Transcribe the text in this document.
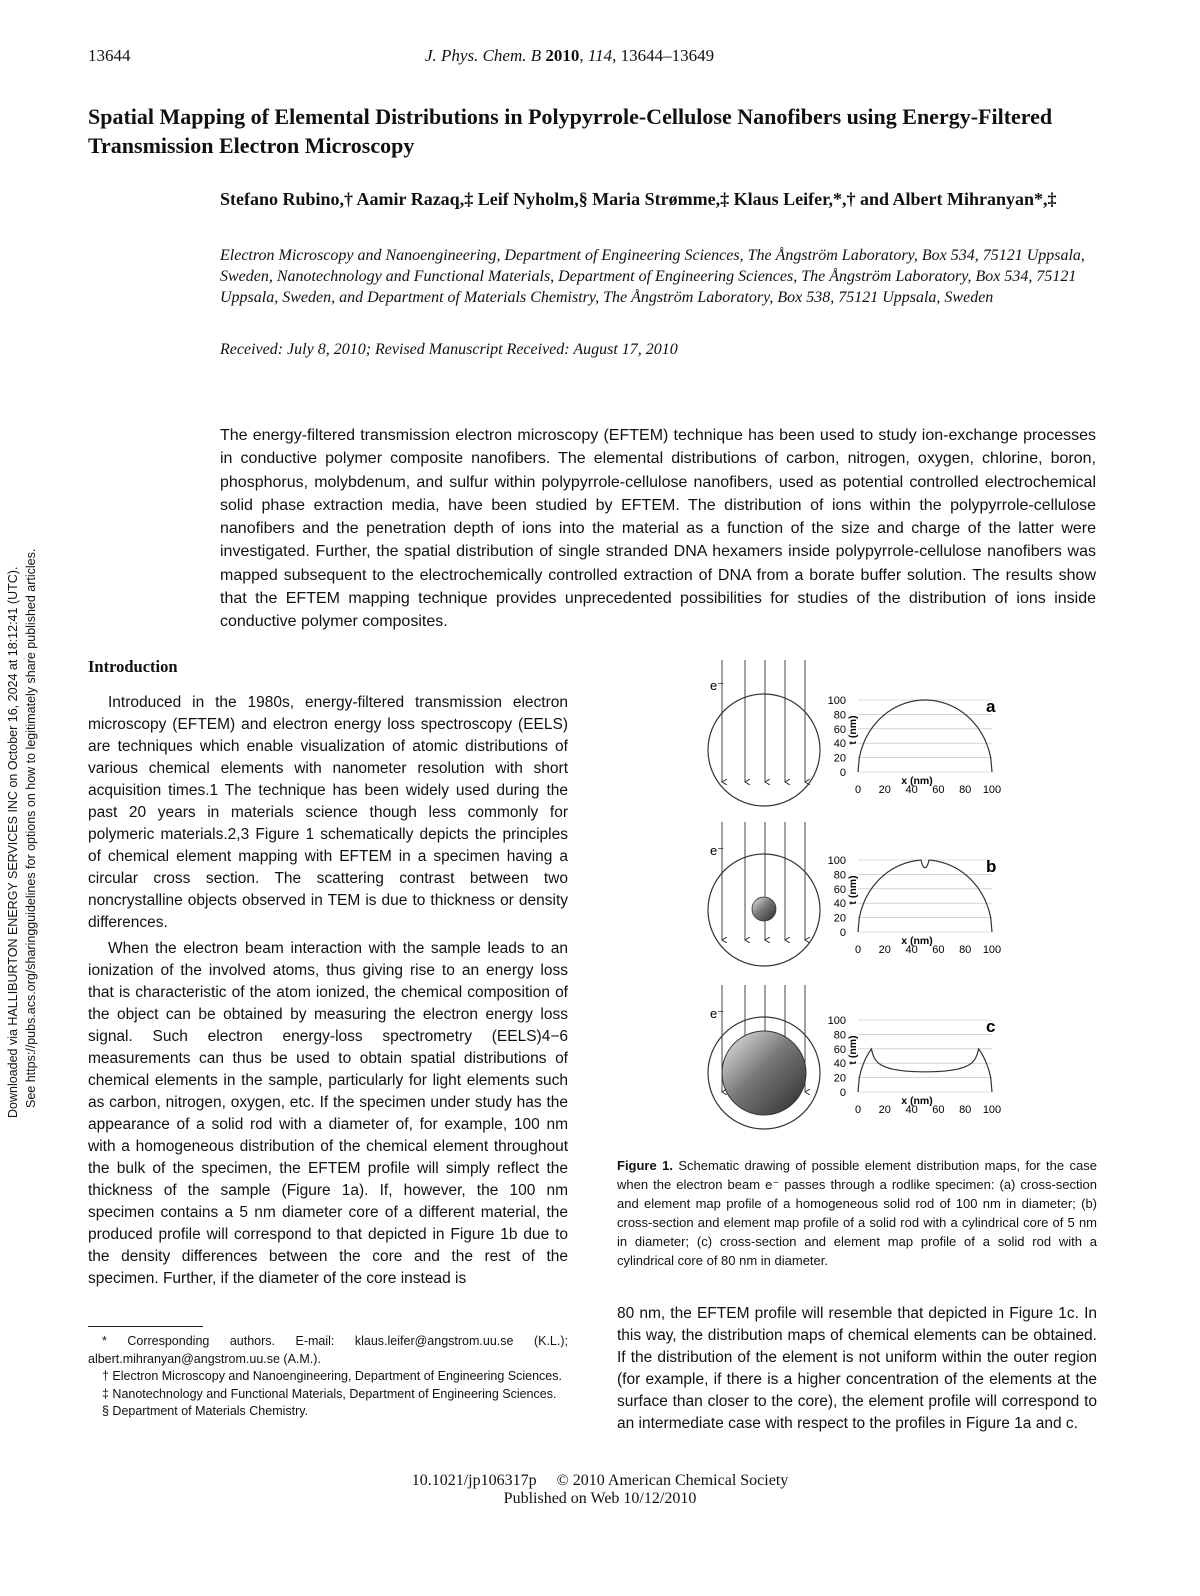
13644	J. Phys. Chem. B 2010, 114, 13644–13649
Spatial Mapping of Elemental Distributions in Polypyrrole-Cellulose Nanofibers using Energy-Filtered Transmission Electron Microscopy
Stefano Rubino,† Aamir Razaq,‡ Leif Nyholm,§ Maria Strømme,‡ Klaus Leifer,*,† and Albert Mihranyan*,‡
Electron Microscopy and Nanoengineering, Department of Engineering Sciences, The Ångström Laboratory, Box 534, 75121 Uppsala, Sweden, Nanotechnology and Functional Materials, Department of Engineering Sciences, The Ångström Laboratory, Box 534, 75121 Uppsala, Sweden, and Department of Materials Chemistry, The Ångström Laboratory, Box 538, 75121 Uppsala, Sweden
Received: July 8, 2010; Revised Manuscript Received: August 17, 2010
The energy-filtered transmission electron microscopy (EFTEM) technique has been used to study ion-exchange processes in conductive polymer composite nanofibers. The elemental distributions of carbon, nitrogen, oxygen, chlorine, boron, phosphorus, molybdenum, and sulfur within polypyrrole-cellulose nanofibers, used as potential controlled electrochemical solid phase extraction media, have been studied by EFTEM. The distribution of ions within the polypyrrole-cellulose nanofibers and the penetration depth of ions into the material as a function of the size and charge of the latter were investigated. Further, the spatial distribution of single stranded DNA hexamers inside polypyrrole-cellulose nanofibers was mapped subsequent to the electrochemically controlled extraction of DNA from a borate buffer solution. The results show that the EFTEM mapping technique provides unprecedented possibilities for studies of the distribution of ions inside conductive polymer composites.
Downloaded via HALLIBURTON ENERGY SERVICES INC on October 16, 2024 at 18:12:41 (UTC). See https://pubs.acs.org/sharingguidelines for options on how to legitimately share published articles.	Introduction

Introduced in the 1980s, energy-filtered transmission electron microscopy (EFTEM) and electron energy loss spectroscopy (EELS) are techniques which enable visualization of atomic distributions of various chemical elements with nanometer resolution with short acquisition times.1 The technique has been widely used during the past 20 years in materials science though less commonly for polymeric materials.2,3 Figure 1 schematically depicts the principles of chemical element mapping with EFTEM in a specimen having a circular cross section. The scattering contrast between two noncrystalline objects observed in TEM is due to thickness or density differences.

When the electron beam interaction with the sample leads to an ionization of the involved atoms, thus giving rise to an energy loss that is characteristic of the atom ionized, the chemical composition of the object can be obtained by measuring the electron energy loss signal. Such electron energy-loss spectrometry (EELS)4−6 measurements can thus be used to obtain spatial distributions of chemical elements in the sample, particularly for light elements such as carbon, nitrogen, oxygen, etc. If the specimen under study has the appearance of a solid rod with a diameter of, for example, 100 nm with a homogeneous distribution of the chemical element throughout the bulk of the specimen, the EFTEM profile will simply reflect the thickness of the sample (Figure 1a). If, however, the 100 nm specimen contains a 5 nm diameter core of a different material, the produced profile will correspond to that depicted in Figure 1b due to the density differences between the core and the rest of the specimen. Further, if the diameter of the core instead is

* Corresponding authors. E-mail: klaus.leifer@angstrom.uu.se (K.L.); albert.mihranyan@angstrom.uu.se (A.M.).
† Electron Microscopy and Nanoengineering, Department of Engineering Sciences.
‡ Nanotechnology and Functional Materials, Department of Engineering Sciences.
§ Department of Materials Chemistry.
e⁻
e⁻
e⁻
100
80
60
40
20
0
0 20 40 60 80 100
t (nm)
x (nm)
a
100
80
60
40
20
0
0 20 40 60 80 100
t (nm)
x (nm)
b
100
80
60
40
20
0
0 20 40 60 80 100
t (nm)
x (nm)
c
Figure 1. Schematic drawing of possible element distribution maps, for the case when the electron beam e⁻ passes through a rodlike specimen: (a) cross-section and element map profile of a homogeneous solid rod of 100 nm in diameter; (b) cross-section and element map profile of a solid rod with a cylindrical core of 5 nm in diameter; (c) cross-section and element map profile of a solid rod with a cylindrical core of 80 nm in diameter.
80 nm, the EFTEM profile will resemble that depicted in Figure 1c. In this way, the distribution maps of chemical elements can be obtained. If the distribution of the element is not uniform within the outer region (for example, if there is a higher concentration of the elements at the surface than closer to the core), the element profile will correspond to an intermediate case with respect to the profiles in Figure 1a and c.
10.1021/jp106317p     © 2010 American Chemical Society
Published on Web 10/12/2010
